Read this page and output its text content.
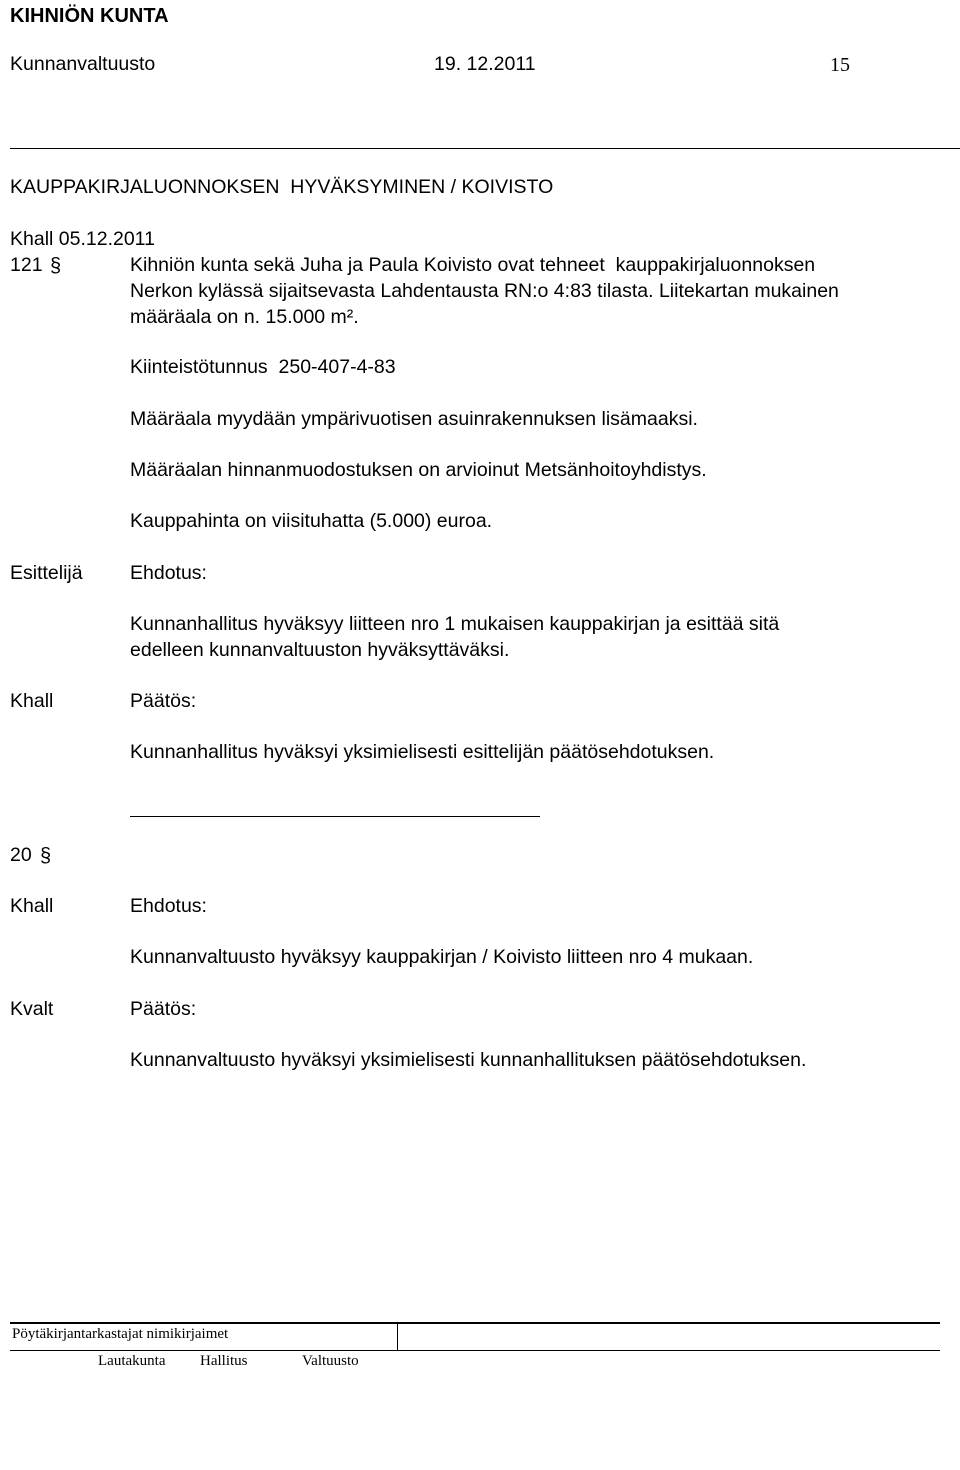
KIHNIÖN KUNTA
Kunnanvaltuusto	19. 12.2011	15
KAUPPAKIRJALUONNOKSEN  HYVÄKSYMINEN / KOIVISTO
Khall 05.12.2011
121 §	Kihniön kunta sekä Juha ja Paula Koivisto ovat tehneet  kauppakirjaluonnoksen
Nerkon kylässä sijaitsevasta Lahdentausta RN:o 4:83 tilasta. Liitekartan mukainen
määräala on n. 15.000 m².
Kiinteistötunnus  250-407-4-83
Määräala myydään ympärivuotisen asuinrakennuksen lisämaaksi.
Määräalan hinnanmuodostuksen on arvioinut Metsänhoitoyhdistys.
Kauppahinta on viisituhatta (5.000) euroa.
Esittelijä Ehdotus:
Kunnanhallitus hyväksyy liitteen nro 1 mukaisen kauppakirjan ja esittää sitä
edelleen kunnanvaltuuston hyväksyttäväksi.
Khall	Päätös:
Kunnanhallitus hyväksyi yksimielisesti esittelijän päätösehdotuksen.
20 §
Khall	Ehdotus:
Kunnanvaltuusto hyväksyy kauppakirjan / Koivisto liitteen nro 4 mukaan.
Kvalt	Päätös:
Kunnanvaltuusto hyväksyi yksimielisesti kunnanhallituksen päätösehdotuksen.
Pöytäkirjantarkastajat nimikirjaimet
Lautakunta Hallitus	Valtuusto
